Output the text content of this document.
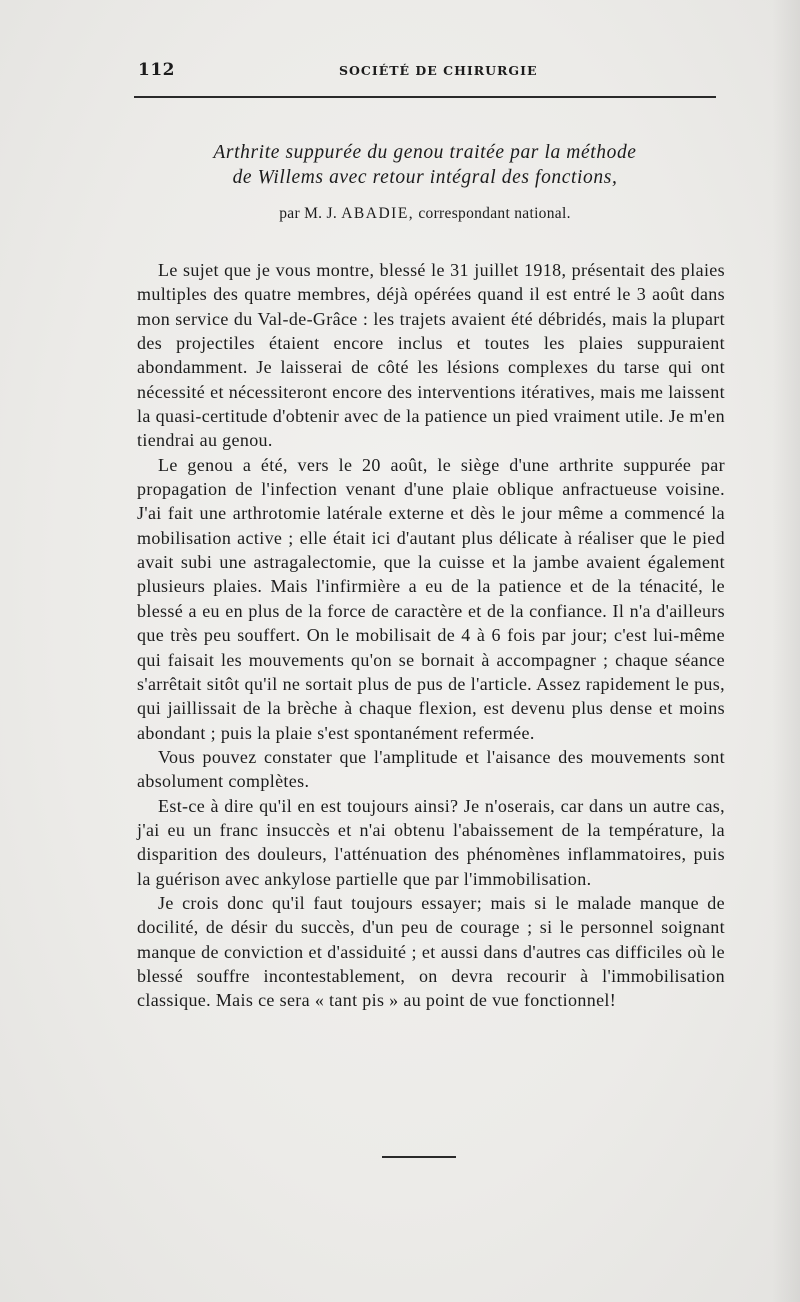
112	SOCIÉTÉ DE CHIRURGIE
Arthrite suppurée du genou traitée par la méthode
de Willems avec retour intégral des fonctions,
par M. J. ABADIE, correspondant national.

Le sujet que je vous montre, blessé le 31 juillet 1918, présentait des plaies multiples des quatre membres, déjà opérées quand il est entré le 3 août dans mon service du Val-de-Grâce : les trajets avaient été débridés, mais la plupart des projectiles étaient encore inclus et toutes les plaies suppuraient abondamment. Je laisserai de côté les lésions complexes du tarse qui ont nécessité et nécessiteront encore des interventions itératives, mais me laissent la quasi-certitude d'obtenir avec de la patience un pied vraiment utile. Je m'en tiendrai au genou.

Le genou a été, vers le 20 août, le siège d'une arthrite suppurée par propagation de l'infection venant d'une plaie oblique anfractueuse voisine. J'ai fait une arthrotomie latérale externe et dès le jour même a commencé la mobilisation active ; elle était ici d'autant plus délicate à réaliser que le pied avait subi une astragalectomie, que la cuisse et la jambe avaient également plusieurs plaies. Mais l'infirmière a eu de la patience et de la ténacité, le blessé a eu en plus de la force de caractère et de la confiance. Il n'a d'ailleurs que très peu souffert. On le mobilisait de 4 à 6 fois par jour; c'est lui-même qui faisait les mouvements qu'on se bornait à accompagner ; chaque séance s'arrêtait sitôt qu'il ne sortait plus de pus de l'article. Assez rapidement le pus, qui jaillissait de la brèche à chaque flexion, est devenu plus dense et moins abondant ; puis la plaie s'est spontanément refermée.

Vous pouvez constater que l'amplitude et l'aisance des mouvements sont absolument complètes.

Est-ce à dire qu'il en est toujours ainsi? Je n'oserais, car dans un autre cas, j'ai eu un franc insuccès et n'ai obtenu l'abaissement de la température, la disparition des douleurs, l'atténuation des phénomènes inflammatoires, puis la guérison avec ankylose partielle que par l'immobilisation.

Je crois donc qu'il faut toujours essayer; mais si le malade manque de docilité, de désir du succès, d'un peu de courage ; si le personnel soignant manque de conviction et d'assiduité ; et aussi dans d'autres cas difficiles où le blessé souffre incontestablement, on devra recourir à l'immobilisation classique. Mais ce sera « tant pis » au point de vue fonctionnel!
